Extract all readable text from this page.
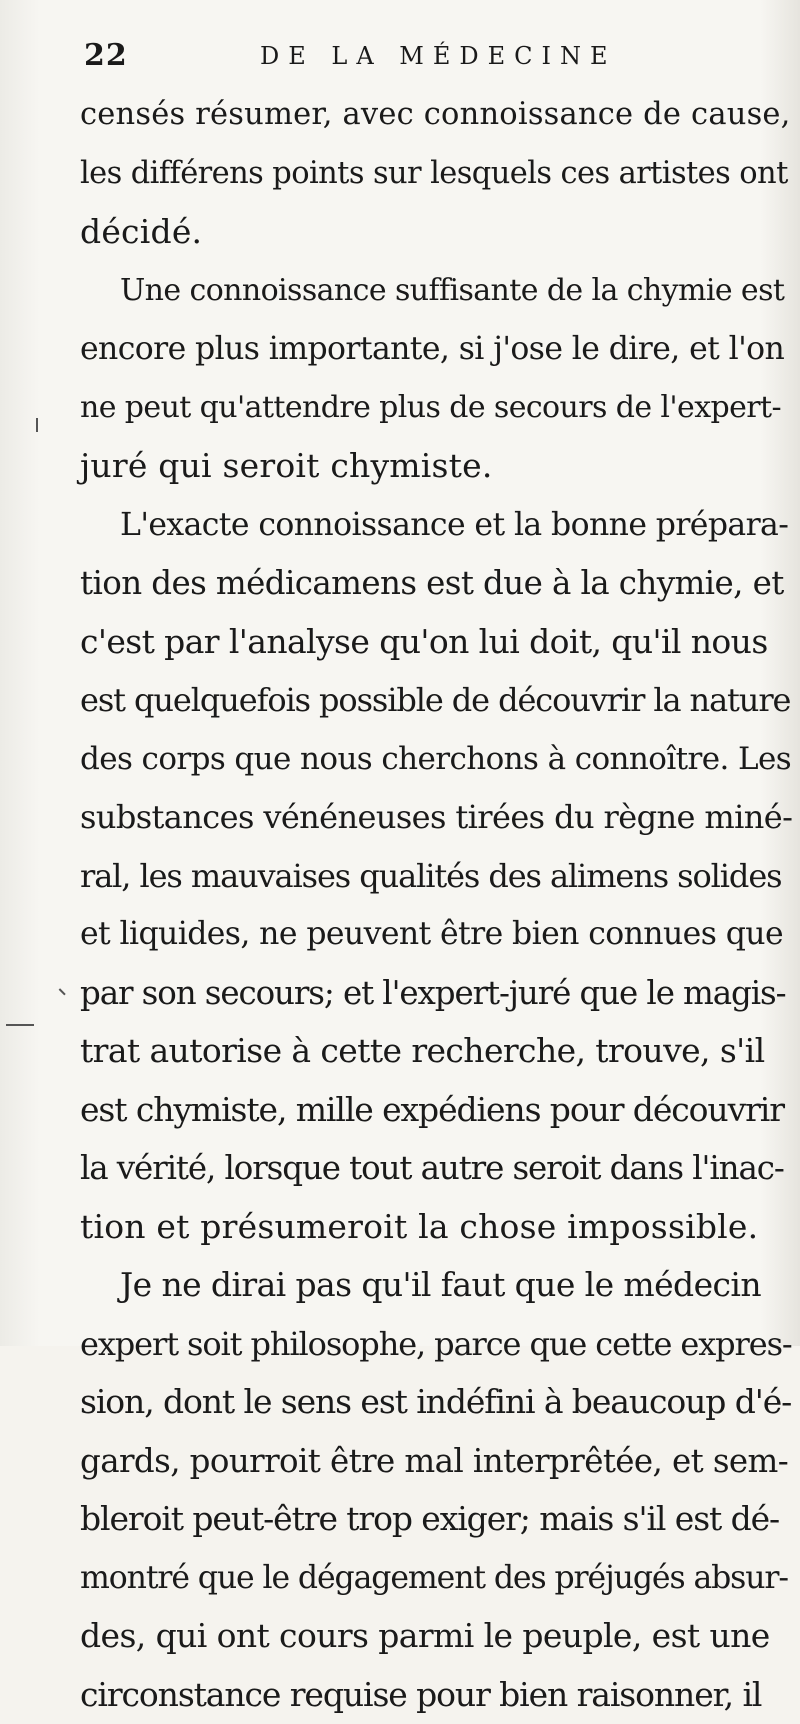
22	DE LA MÉDECINE
censés résumer, avec connoissance de cause,
les différens points sur lesquels ces artistes ont
décidé.
Une connoissance suffisante de la chymie est
encore plus importante, si j'ose le dire, et l'on
ne peut qu'attendre plus de secours de l'expert-
juré qui seroit chymiste.
L'exacte connoissance et la bonne prépara-
tion des médicamens est due à la chymie, et
c'est par l'analyse qu'on lui doit, qu'il nous
est quelquefois possible de découvrir la nature
des corps que nous cherchons à connoître. Les
substances vénéneuses tirées du règne miné-
ral, les mauvaises qualités des alimens solides
et liquides, ne peuvent être bien connues que
par son secours; et l'expert-juré que le magis-
trat autorise à cette recherche, trouve, s'il
est chymiste, mille expédiens pour découvrir
la vérité, lorsque tout autre seroit dans l'inac-
tion et présumeroit la chose impossible.
Je ne dirai pas qu'il faut que le médecin
expert soit philosophe, parce que cette expres-
sion, dont le sens est indéfini à beaucoup d'é-
gards, pourroit être mal interprêtée, et sem-
bleroit peut-être trop exiger; mais s'il est dé-
montré que le dégagement des préjugés absur-
des, qui ont cours parmi le peuple, est une
circonstance requise pour bien raisonner, il
